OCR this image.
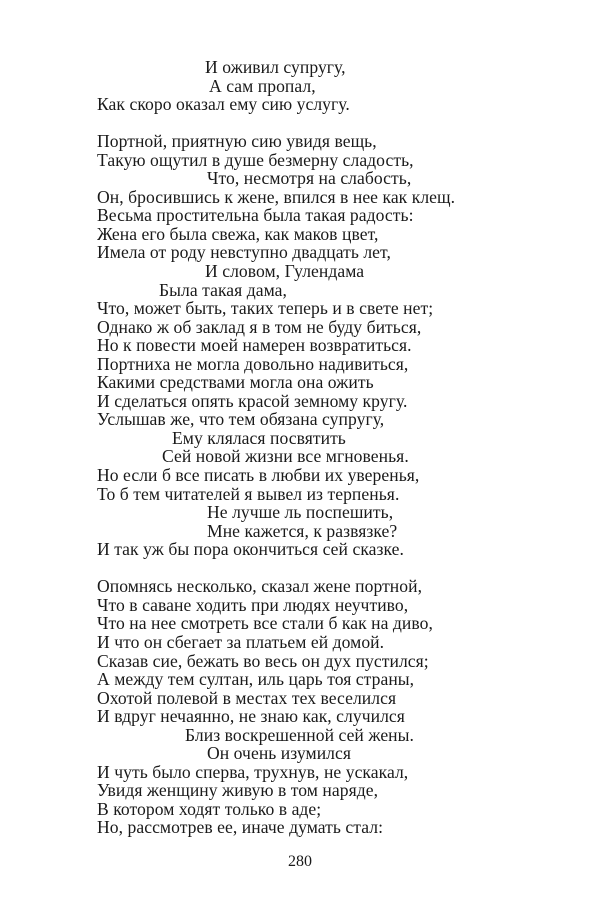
И оживил супругу,
А сам пропал,
Как скоро оказал ему сию услугу.
Портной, приятную сию увидя вещь,
Такую ощутил в душе безмерну сладость,
Что, несмотря на слабость,
Он, бросившись к жене, впился в нее как клещ.
Весьма простительна была такая радость:
Жена его была свежа, как маков цвет,
Имела от роду невступно двадцать лет,
И словом, Гулендама
Была такая дама,
Что, может быть, таких теперь и в свете нет;
Однако ж об заклад я в том не буду биться,
Но к повести моей намерен возвратиться.
Портниха не могла довольно надивиться,
Какими средствами могла она ожить
И сделаться опять красой земному кругу.
Услышав же, что тем обязана супругу,
Ему клялася посвятить
Сей новой жизни все мгновенья.
Но если б все писать в любви их уверенья,
То б тем читателей я вывел из терпенья.
Не лучше ль поспешить,
Мне кажется, к развязке?
И так уж бы пора окончиться сей сказке.
Опомнясь несколько, сказал жене портной,
Что в саване ходить при людях неучтиво,
Что на нее смотреть все стали б как на диво,
И что он сбегает за платьем ей домой.
Сказав сие, бежать во весь он дух пустился;
А между тем султан, иль царь тоя страны,
Охотой полевой в местах тех веселился
И вдруг нечаянно, не знаю как, случился
Близ воскрешенной сей жены.
Он очень изумился
И чуть было сперва, трухнув, не ускакал,
Увидя женщину живую в том наряде,
В котором ходят только в аде;
Но, рассмотрев ее, иначе думать стал:
280
